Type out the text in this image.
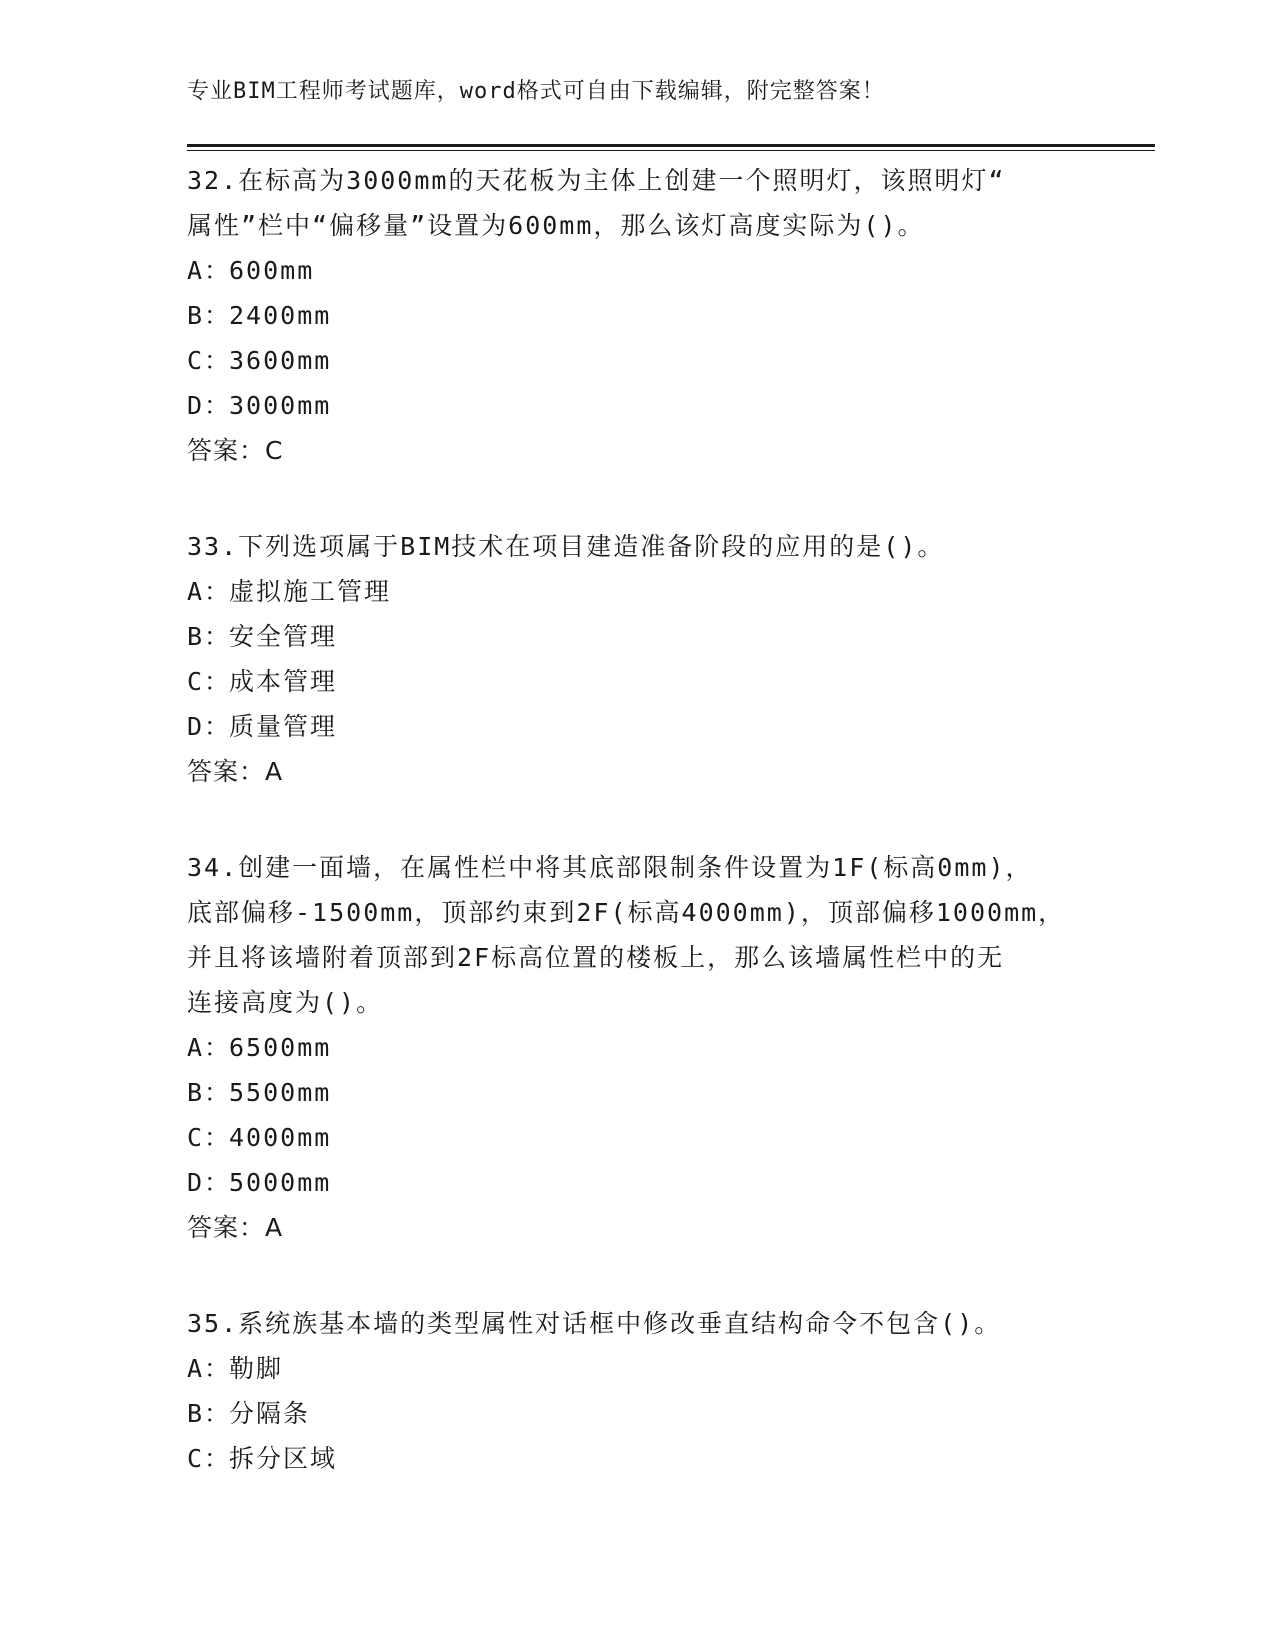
专业BIM工程师考试题库，word格式可自由下载编辑，附完整答案！
32.在标高为3000mm的天花板为主体上创建一个照明灯，该照明灯“
属性”栏中“偏移量”设置为600mm，那么该灯高度实际为()。
A：600mm
B：2400mm
C：3600mm
D：3000mm
答案：C
33.下列选项属于BIM技术在项目建造准备阶段的应用的是()。
A：虚拟施工管理
B：安全管理
C：成本管理
D：质量管理
答案：A
34.创建一面墙，在属性栏中将其底部限制条件设置为1F(标高0mm)，
底部偏移-1500mm，顶部约束到2F(标高4000mm)，顶部偏移1000mm，
并且将该墙附着顶部到2F标高位置的楼板上，那么该墙属性栏中的无
连接高度为()。
A：6500mm
B：5500mm
C：4000mm
D：5000mm
答案：A
35.系统族基本墙的类型属性对话框中修改垂直结构命令不包含()。
A：勒脚
B：分隔条
C：拆分区域
